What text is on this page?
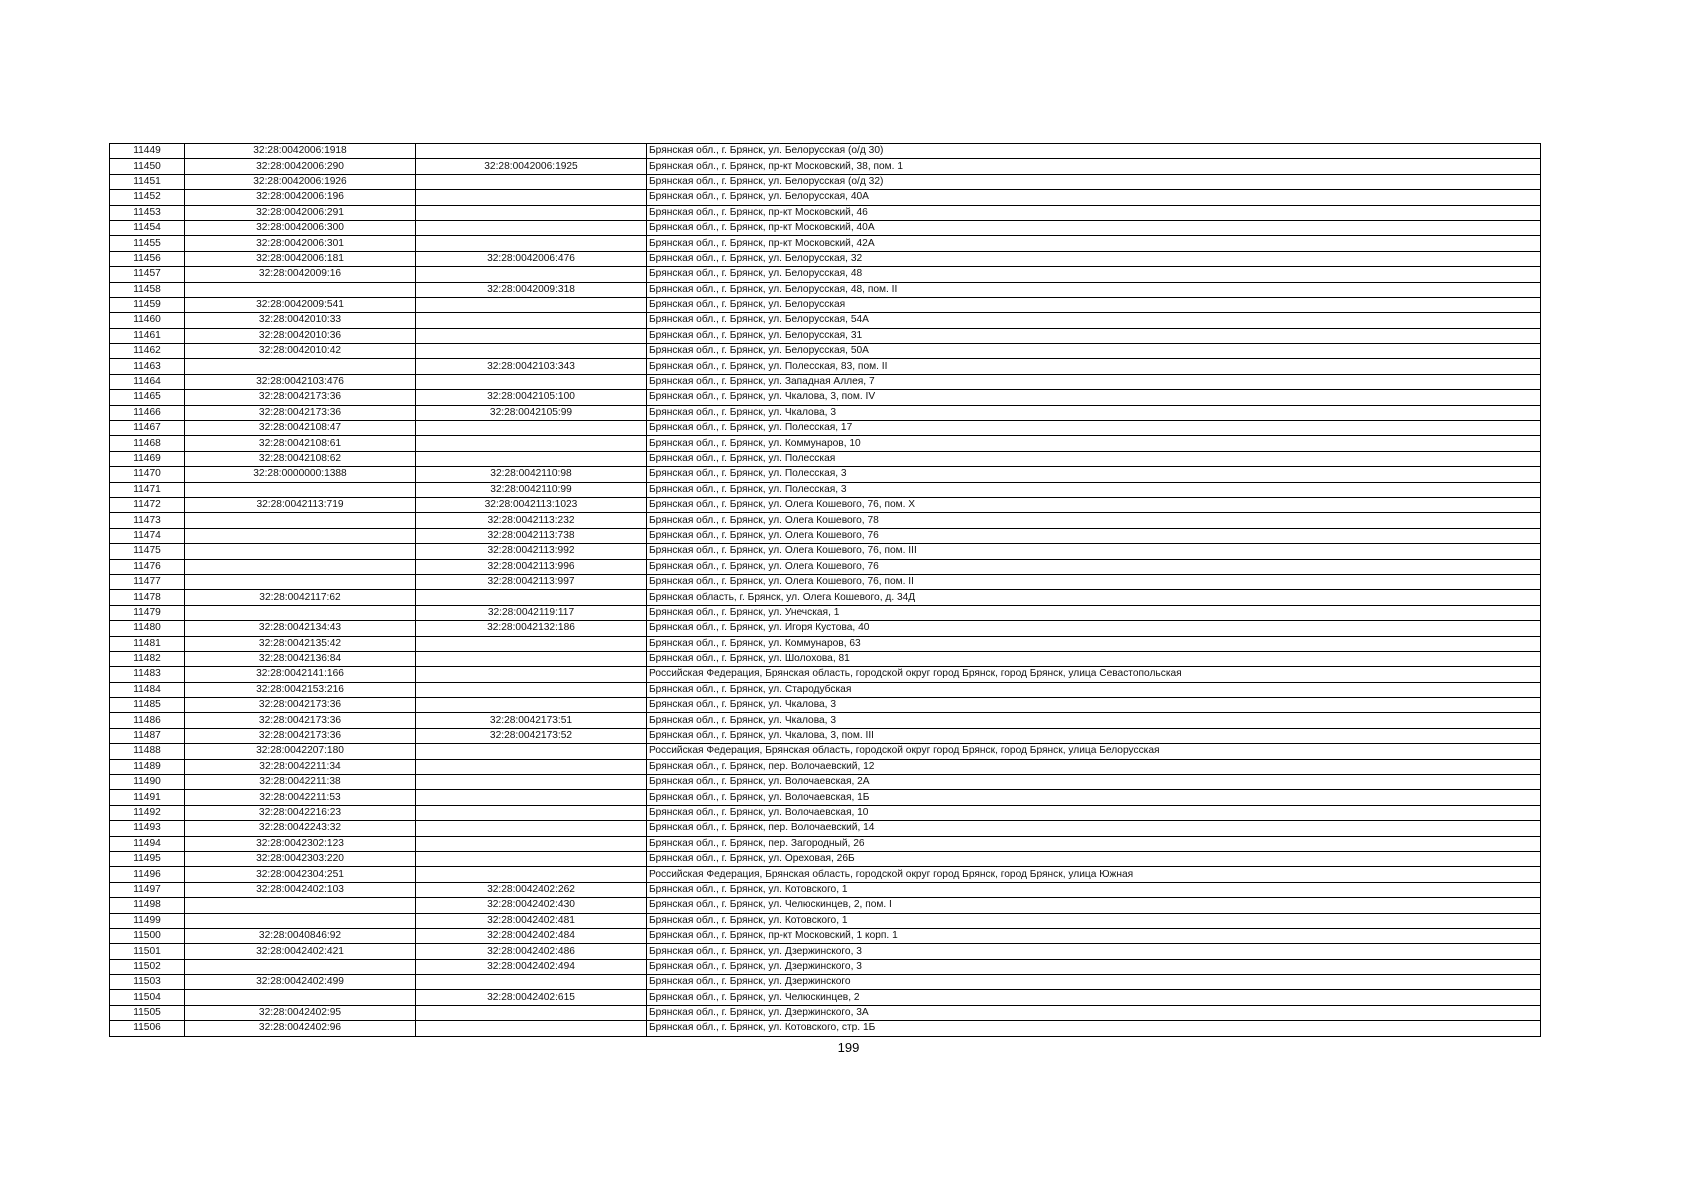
11449	32:28:0042006:1918		Брянская обл., г. Брянск, ул. Белорусская (о/д 30)
11450	32:28:0042006:290	32:28:0042006:1925	Брянская обл., г. Брянск, пр-кт Московский, 38, пом. 1
11451	32:28:0042006:1926		Брянская обл., г. Брянск, ул. Белорусская (о/д 32)
11452	32:28:0042006:196		Брянская обл., г. Брянск, ул. Белорусская, 40А
11453	32:28:0042006:291		Брянская обл., г. Брянск, пр-кт Московский, 46
11454	32:28:0042006:300		Брянская обл., г. Брянск, пр-кт Московский, 40А
11455	32:28:0042006:301		Брянская обл., г. Брянск, пр-кт Московский, 42А
11456	32:28:0042006:181	32:28:0042006:476	Брянская обл., г. Брянск, ул. Белорусская, 32
11457	32:28:0042009:16		Брянская обл., г. Брянск, ул. Белорусская, 48
11458		32:28:0042009:318	Брянская обл., г. Брянск, ул. Белорусская, 48, пом. II
11459	32:28:0042009:541		Брянская обл., г. Брянск, ул. Белорусская
11460	32:28:0042010:33		Брянская обл., г. Брянск, ул. Белорусская, 54А
11461	32:28:0042010:36		Брянская обл., г. Брянск, ул. Белорусская, 31
11462	32:28:0042010:42		Брянская обл., г. Брянск, ул. Белорусская, 50А
11463		32:28:0042103:343	Брянская обл., г. Брянск, ул. Полесская, 83, пом. II
11464	32:28:0042103:476		Брянская обл., г. Брянск, ул. Западная Аллея, 7
11465	32:28:0042173:36	32:28:0042105:100	Брянская обл., г. Брянск, ул. Чкалова, 3, пом. IV
11466	32:28:0042173:36	32:28:0042105:99	Брянская обл., г. Брянск, ул. Чкалова, 3
11467	32:28:0042108:47		Брянская обл., г. Брянск, ул. Полесская, 17
11468	32:28:0042108:61		Брянская обл., г. Брянск, ул. Коммунаров, 10
11469	32:28:0042108:62		Брянская обл., г. Брянск, ул. Полесская
11470	32:28:0000000:1388	32:28:0042110:98	Брянская обл., г. Брянск, ул. Полесская, 3
11471		32:28:0042110:99	Брянская обл., г. Брянск, ул. Полесская, 3
11472	32:28:0042113:719	32:28:0042113:1023	Брянская обл., г. Брянск, ул. Олега Кошевого, 76, пом. X
11473		32:28:0042113:232	Брянская обл., г. Брянск, ул. Олега Кошевого, 78
11474		32:28:0042113:738	Брянская обл., г. Брянск, ул. Олега Кошевого, 76
11475		32:28:0042113:992	Брянская обл., г. Брянск, ул. Олега Кошевого, 76, пом. III
11476		32:28:0042113:996	Брянская обл., г. Брянск, ул. Олега Кошевого, 76
11477		32:28:0042113:997	Брянская обл., г. Брянск, ул. Олега Кошевого, 76, пом. II
11478	32:28:0042117:62		Брянская область, г. Брянск, ул. Олега Кошевого, д. 34Д
11479		32:28:0042119:117	Брянская обл., г. Брянск, ул. Унечская, 1
11480	32:28:0042134:43	32:28:0042132:186	Брянская обл., г. Брянск, ул. Игоря Кустова, 40
11481	32:28:0042135:42		Брянская обл., г. Брянск, ул. Коммунаров, 63
11482	32:28:0042136:84		Брянская обл., г. Брянск, ул. Шолохова, 81
11483	32:28:0042141:166		Российская Федерация, Брянская область, городской округ город Брянск, город Брянск, улица Севастопольская
11484	32:28:0042153:216		Брянская обл., г. Брянск, ул. Стародубская
11485	32:28:0042173:36		Брянская обл., г. Брянск, ул. Чкалова, 3
11486	32:28:0042173:36	32:28:0042173:51	Брянская обл., г. Брянск, ул. Чкалова, 3
11487	32:28:0042173:36	32:28:0042173:52	Брянская обл., г. Брянск, ул. Чкалова, 3, пом. III
11488	32:28:0042207:180		Российская Федерация, Брянская область, городской округ город Брянск, город Брянск, улица Белорусская
11489	32:28:0042211:34		Брянская обл., г. Брянск, пер. Волочаевский, 12
11490	32:28:0042211:38		Брянская обл., г. Брянск, ул. Волочаевская, 2А
11491	32:28:0042211:53		Брянская обл., г. Брянск, ул. Волочаевская, 1Б
11492	32:28:0042216:23		Брянская обл., г. Брянск, ул. Волочаевская, 10
11493	32:28:0042243:32		Брянская обл., г. Брянск, пер. Волочаевский, 14
11494	32:28:0042302:123		Брянская обл., г. Брянск, пер. Загородный, 26
11495	32:28:0042303:220		Брянская обл., г. Брянск, ул. Ореховая, 26Б
11496	32:28:0042304:251		Российская Федерация, Брянская область, городской округ город Брянск, город Брянск, улица Южная
11497	32:28:0042402:103	32:28:0042402:262	Брянская обл., г. Брянск, ул. Котовского, 1
11498		32:28:0042402:430	Брянская обл., г. Брянск, ул. Челюскинцев, 2, пом. I
11499		32:28:0042402:481	Брянская обл., г. Брянск, ул. Котовского, 1
11500	32:28:0040846:92	32:28:0042402:484	Брянская обл., г. Брянск, пр-кт Московский, 1 корп. 1
11501	32:28:0042402:421	32:28:0042402:486	Брянская обл., г. Брянск, ул. Дзержинского, 3
11502		32:28:0042402:494	Брянская обл., г. Брянск, ул. Дзержинского, 3
11503	32:28:0042402:499		Брянская обл., г. Брянск, ул. Дзержинского
11504		32:28:0042402:615	Брянская обл., г. Брянск, ул. Челюскинцев, 2
11505	32:28:0042402:95		Брянская обл., г. Брянск, ул. Дзержинского, 3А
11506	32:28:0042402:96		Брянская обл., г. Брянск, ул. Котовского, стр. 1Б
199
